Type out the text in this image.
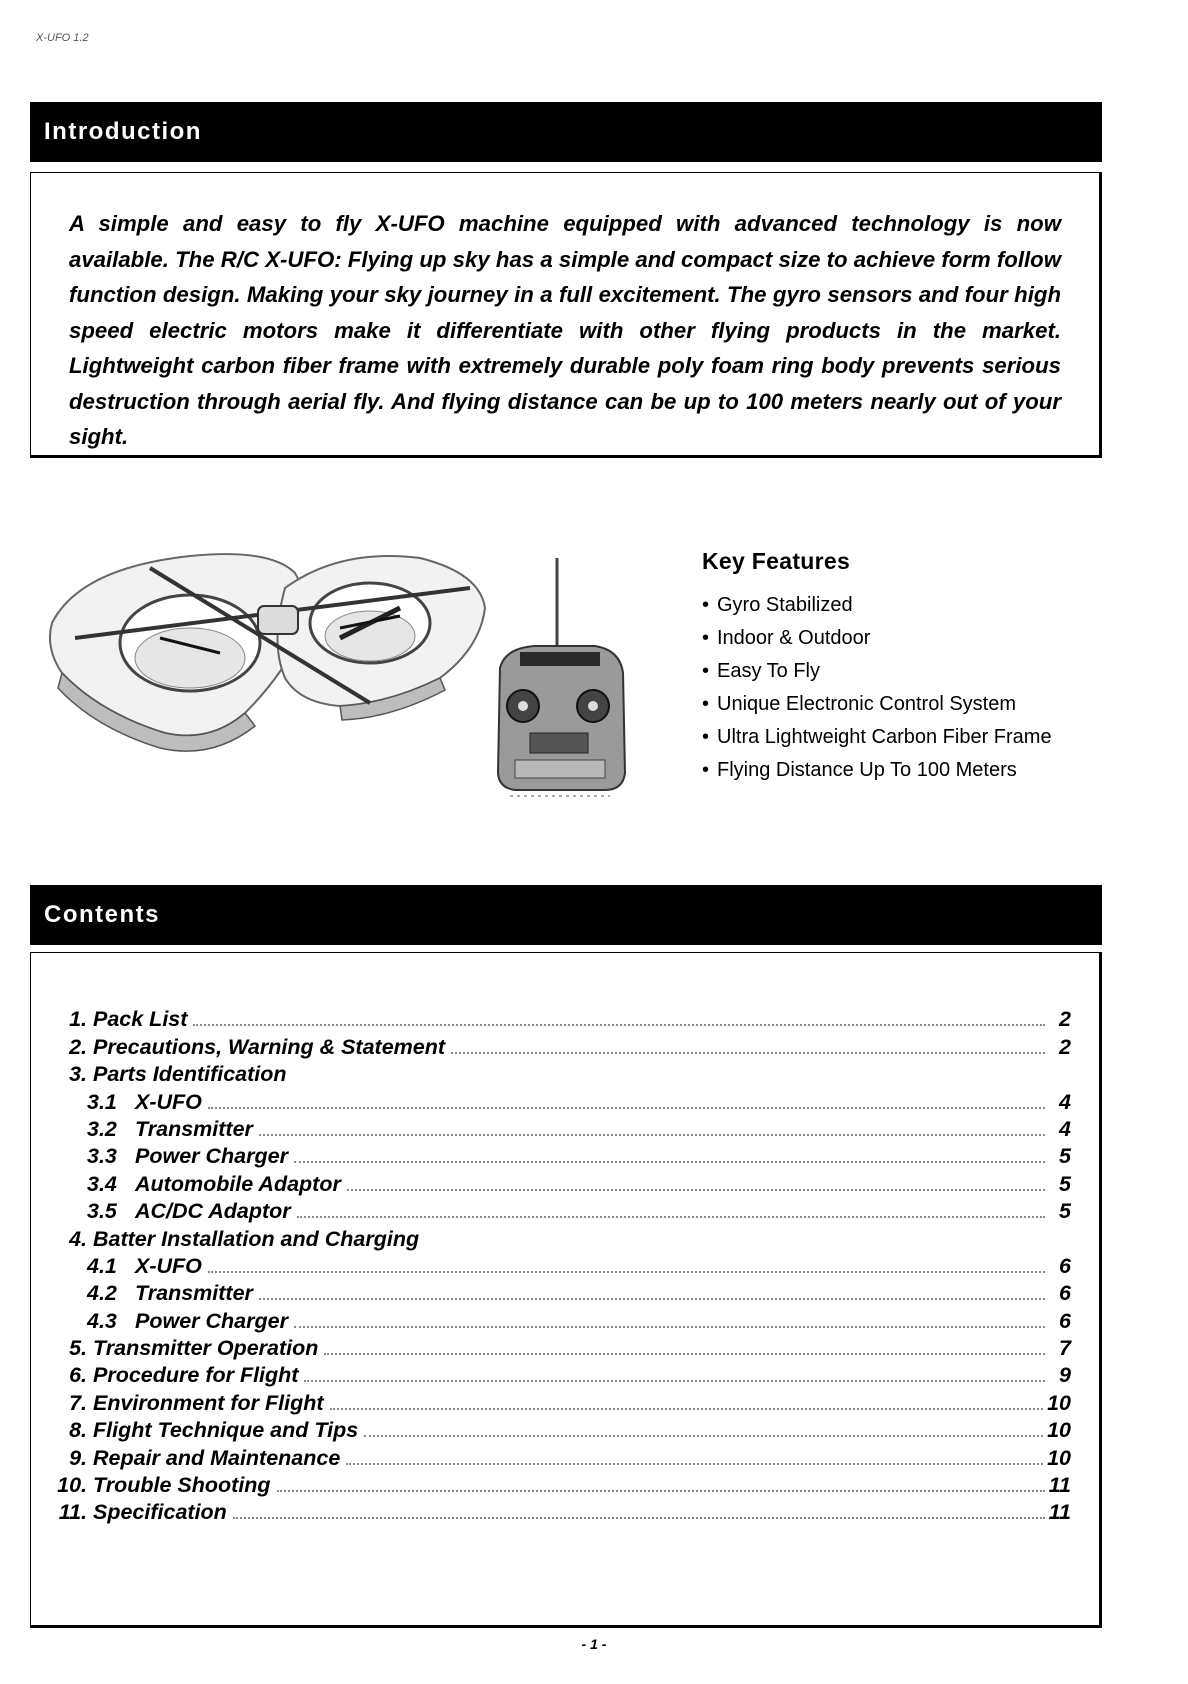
X-UFO 1.2
Introduction

A simple and easy to fly X-UFO machine equipped with advanced technology is now available. The R/C X-UFO: Flying up sky has a simple and compact size to achieve form follow function design. Making your sky journey in a full excitement. The gyro sensors and four high speed electric motors make it differentiate with other flying products in the market. Lightweight carbon fiber frame with extremely durable poly foam ring body prevents serious destruction through aerial fly. And flying distance can be up to 100 meters nearly out of your sight.

Key Features
• Gyro Stabilized
• Indoor & Outdoor
• Easy To Fly
• Unique Electronic Control System
• Ultra Lightweight Carbon Fiber Frame
• Flying Distance Up To 100 Meters
Contents
1. Pack List	2
2. Precautions, Warning & Statement	2
3. Parts Identification
3.1 X-UFO	4
3.2 Transmitter	4
3.3 Power Charger	5
3.4 Automobile Adaptor	5
3.5 AC/DC Adaptor	5
4. Batter Installation and Charging
4.1 X-UFO	6
4.2 Transmitter	6
4.3 Power Charger	6
5. Transmitter Operation	7
6. Procedure for Flight	9
7. Environment for Flight	10
8. Flight Technique and Tips	10
9. Repair and Maintenance	10
10. Trouble Shooting	11
11. Specification	11
- 1 -
